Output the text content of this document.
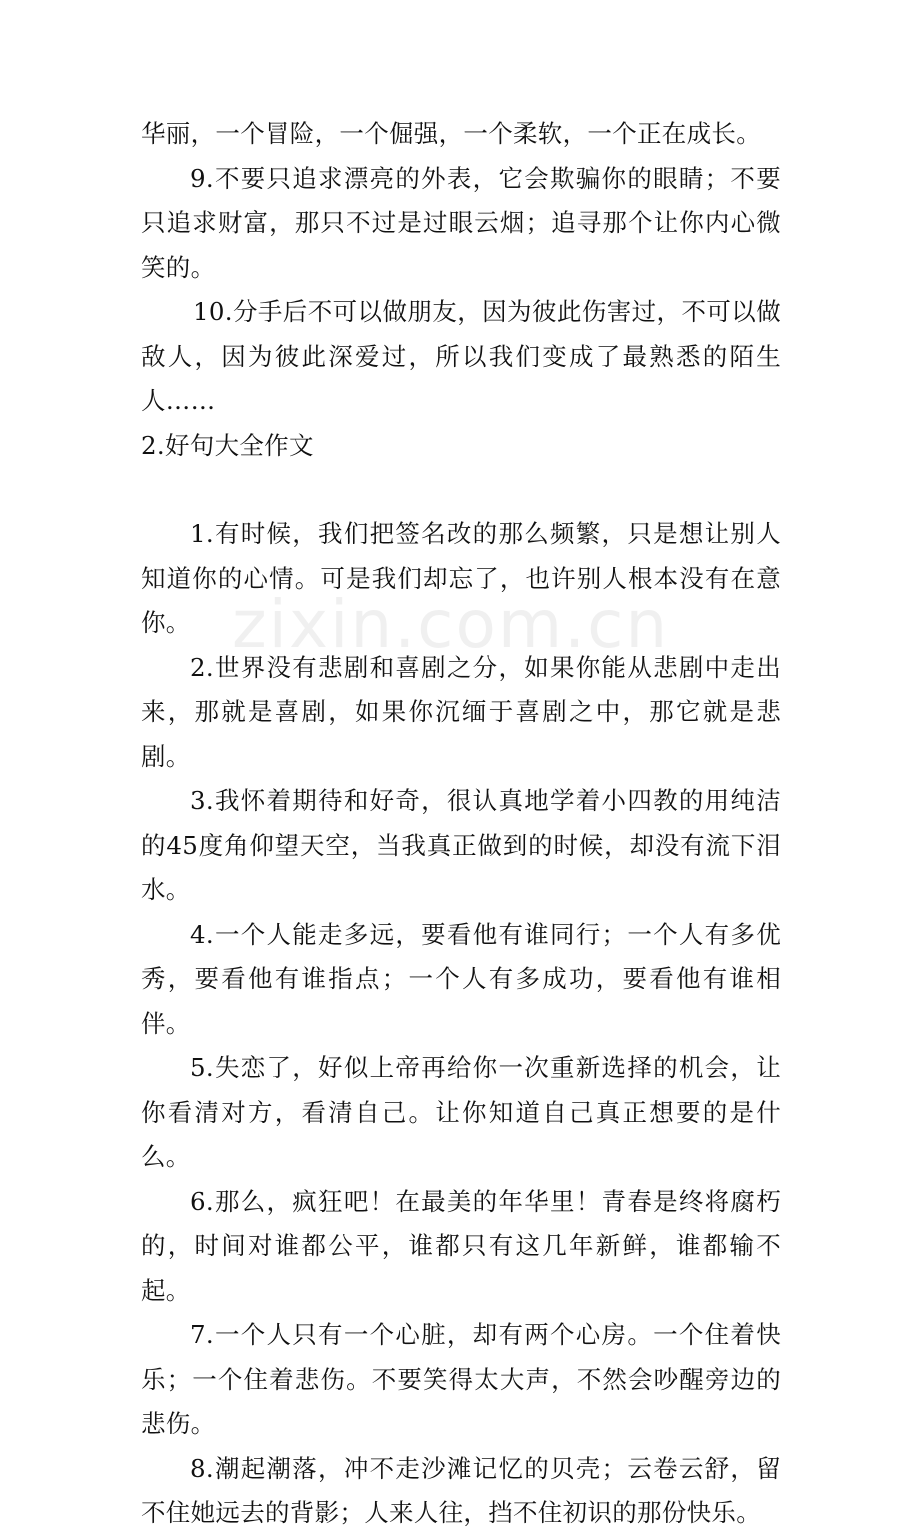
华丽，一个冒险，一个倔强，一个柔软，一个正在成长。

9.不要只追求漂亮的外表，它会欺骗你的眼睛；不要只追求财富，那只不过是过眼云烟；追寻那个让你内心微笑的。

10.分手后不可以做朋友，因为彼此伤害过，不可以做敌人，因为彼此深爱过，所以我们变成了最熟悉的陌生人……

2.好句大全作文

1.有时候，我们把签名改的那么频繁，只是想让别人知道你的心情。可是我们却忘了，也许别人根本没有在意你。

2.世界没有悲剧和喜剧之分，如果你能从悲剧中走出来，那就是喜剧，如果你沉缅于喜剧之中，那它就是悲剧。

3.我怀着期待和好奇，很认真地学着小四教的用纯洁的45度角仰望天空，当我真正做到的时候，却没有流下泪水。

4.一个人能走多远，要看他有谁同行；一个人有多优秀，要看他有谁指点；一个人有多成功，要看他有谁相伴。

5.失恋了，好似上帝再给你一次重新选择的机会，让你看清对方，看清自己。让你知道自己真正想要的是什么。

6.那么，疯狂吧！在最美的年华里！青春是终将腐朽的，时间对谁都公平，谁都只有这几年新鲜，谁都输不起。

7.一个人只有一个心脏，却有两个心房。一个住着快乐；一个住着悲伤。不要笑得太大声，不然会吵醒旁边的悲伤。

8.潮起潮落，冲不走沙滩记忆的贝壳；云卷云舒，留不住她远去的背影；人来人往，挡不住初识的那份快乐。

zixin.com.cn
